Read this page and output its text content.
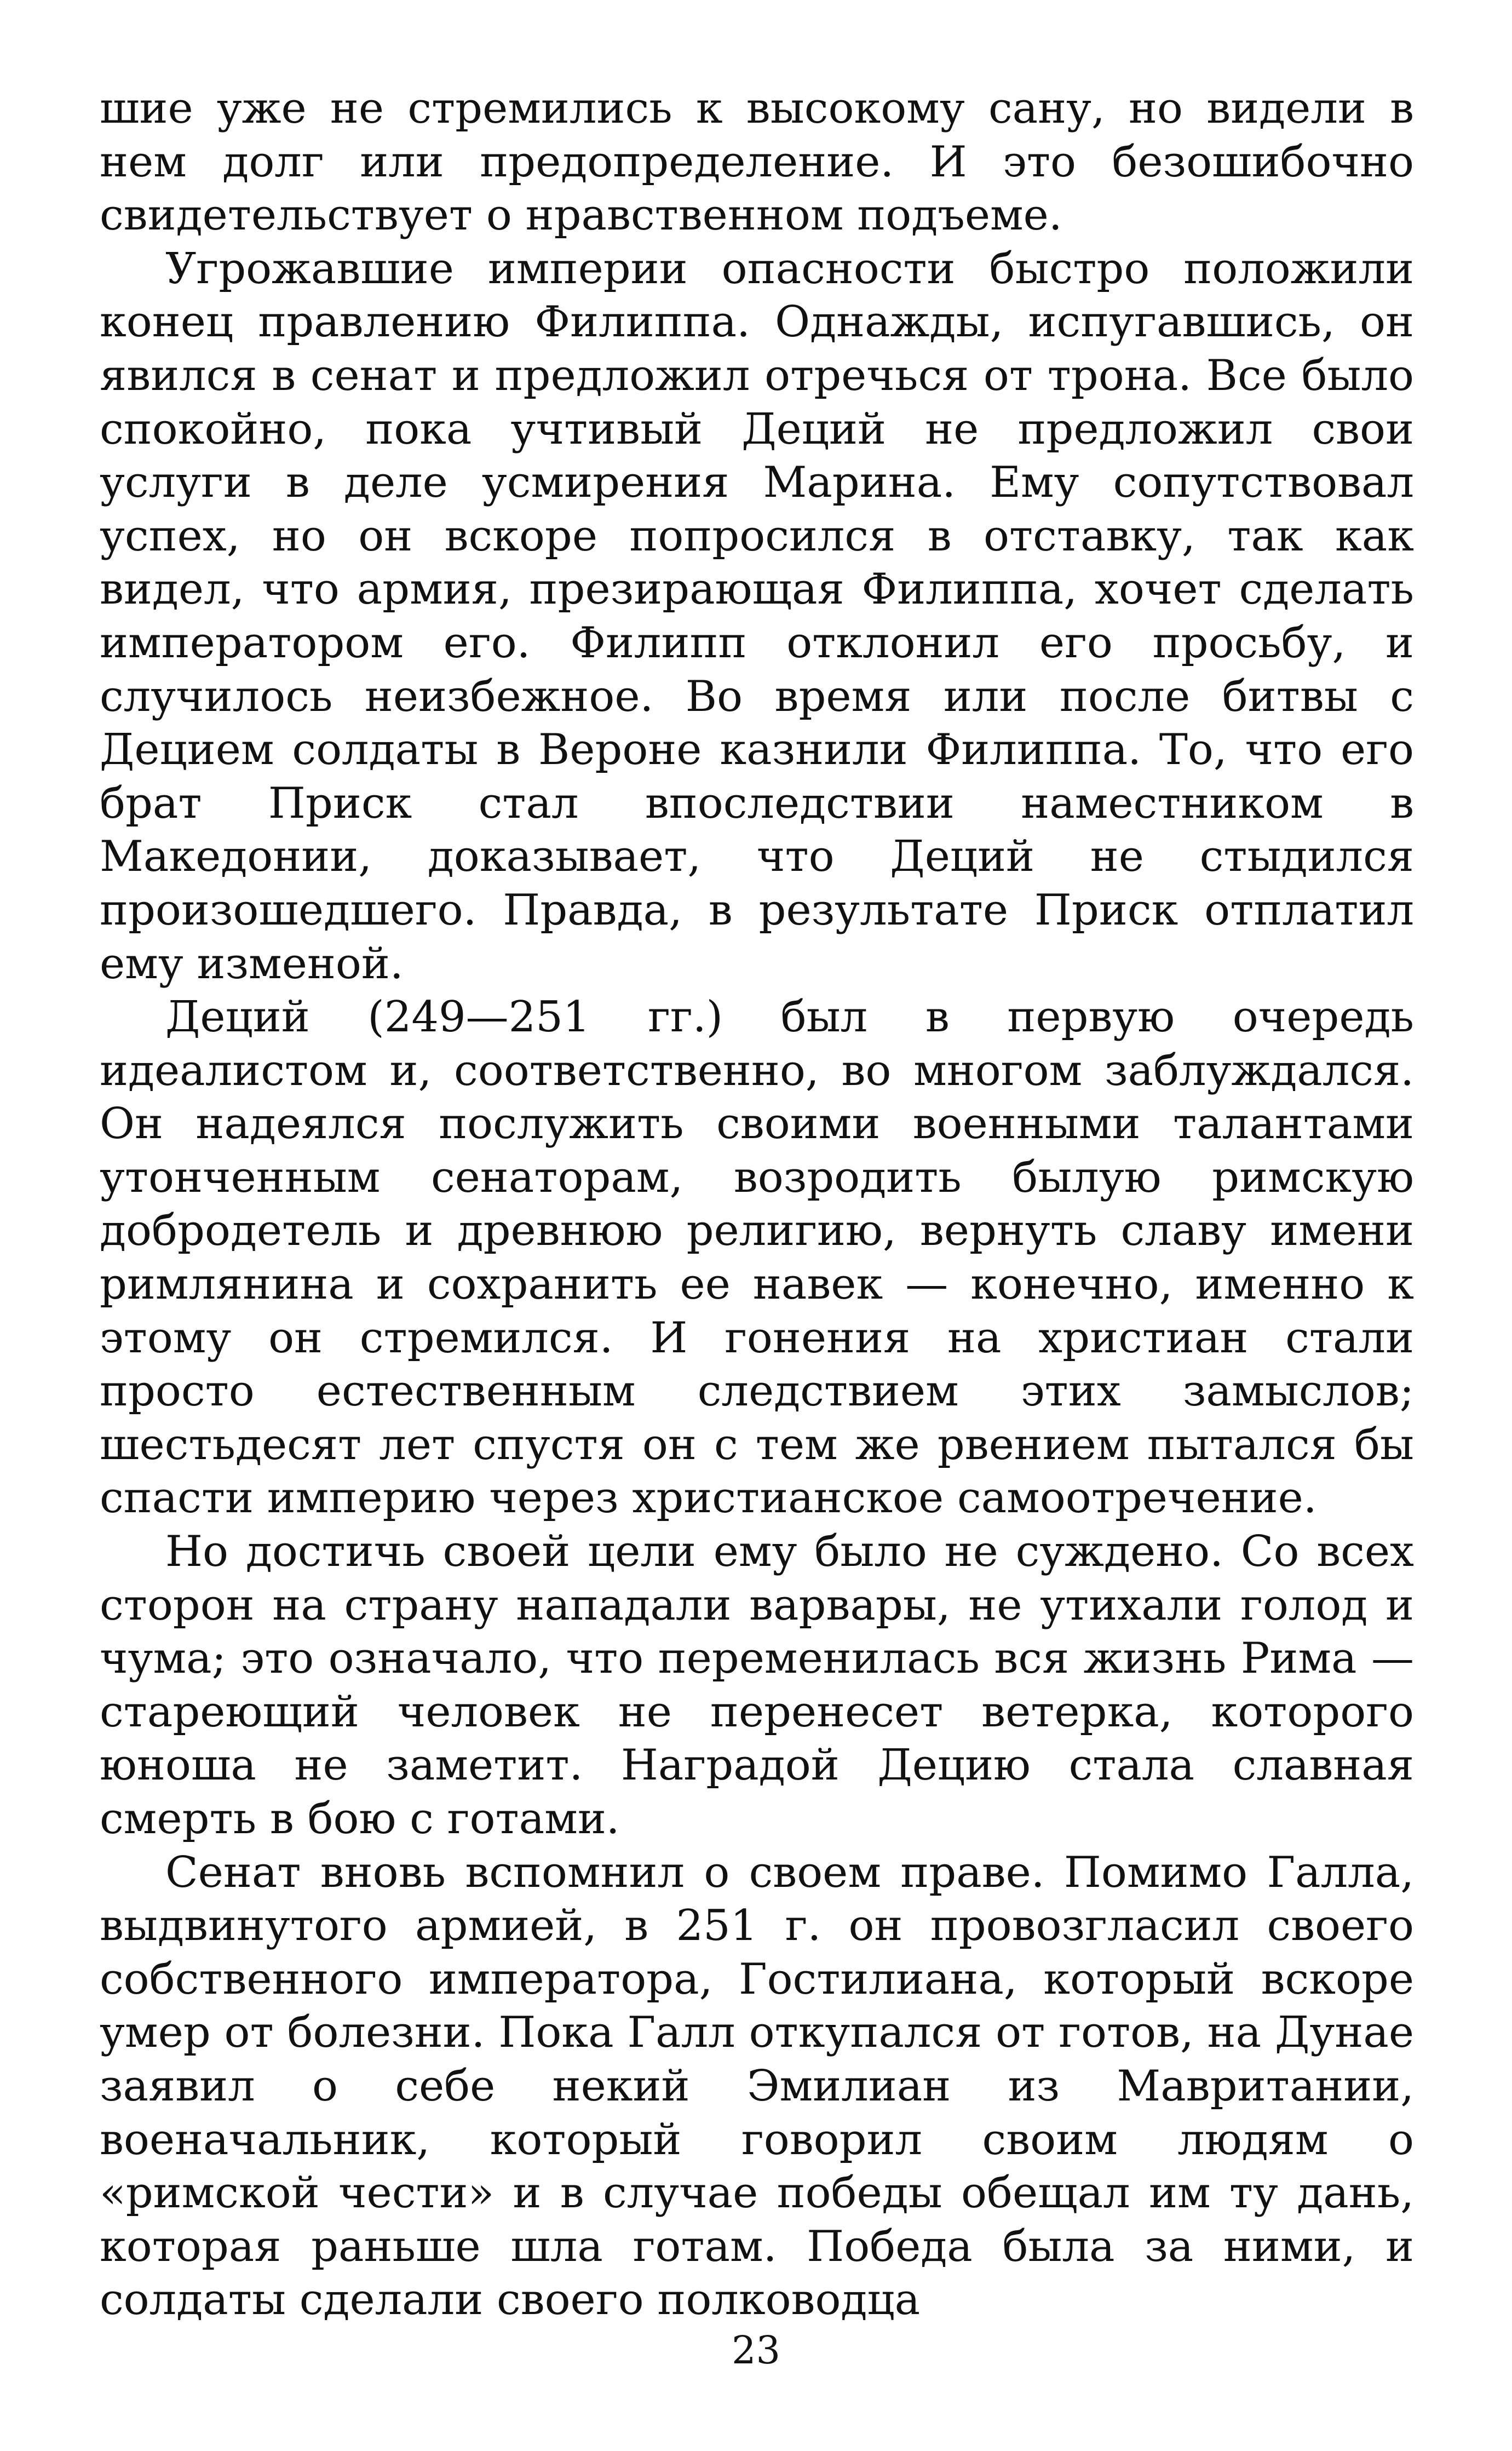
шие уже не стремились к высокому сану, но видели в нем долг или предопределение. И это безошибочно свидетельствует о нравственном подъеме.

Угрожавшие империи опасности быстро положили конец правлению Филиппа. Однажды, испугавшись, он явился в сенат и предложил отречься от трона. Все было спокойно, пока учтивый Деций не предложил свои услуги в деле усмирения Марина. Ему сопутствовал успех, но он вскоре попросился в отставку, так как видел, что армия, презирающая Филиппа, хочет сделать императором его. Филипп отклонил его просьбу, и случилось неизбежное. Во время или после битвы с Децием солдаты в Вероне казнили Филиппа. То, что его брат Приск стал впоследствии наместником в Македонии, доказывает, что Деций не стыдился произошедшего. Правда, в результате Приск отплатил ему изменой.

Деций (249—251 гг.) был в первую очередь идеалистом и, соответственно, во многом заблуждался. Он надеялся послужить своими военными талантами утонченным сенаторам, возродить былую римскую добродетель и древнюю религию, вернуть славу имени римлянина и сохранить ее навек — конечно, именно к этому он стремился. И гонения на христиан стали просто естественным следствием этих замыслов; шестьдесят лет спустя он с тем же рвением пытался бы спасти империю через христианское самоотречение.

Но достичь своей цели ему было не суждено. Со всех сторон на страну нападали варвары, не утихали голод и чума; это означало, что переменилась вся жизнь Рима — стареющий человек не перенесет ветерка, которого юноша не заметит. Наградой Децию стала славная смерть в бою с готами.

Сенат вновь вспомнил о своем праве. Помимо Галла, выдвинутого армией, в 251 г. он провозгласил своего собственного императора, Гостилиана, который вскоре умер от болезни. Пока Галл откупался от готов, на Дунае заявил о себе некий Эмилиан из Мавритании, военачальник, который говорил своим людям о «римской чести» и в случае победы обещал им ту дань, которая раньше шла готам. Победа была за ними, и солдаты сделали своего полководца

23
